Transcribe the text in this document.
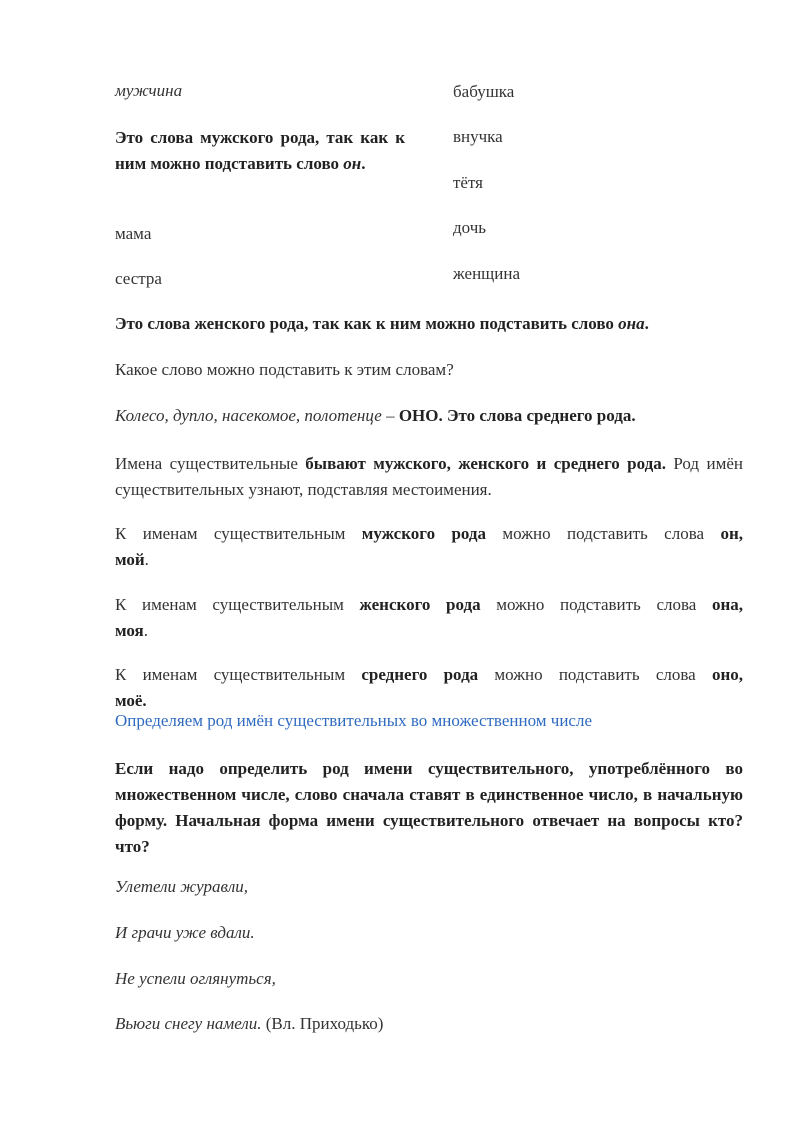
мужчина

Это слова мужского рода, так как к ним можно подставить слово он.

мама

сестра

бабушка

внучка

тётя

дочь

женщина

Это слова женского рода, так как к ним можно подставить слово она.

Какое слово можно подставить к этим словам?

Колесо, дупло, насекомое, полотенце – ОНО. Это слова среднего рода.

Имена существительные бывают мужского, женского и среднего рода. Род имён существительных узнают, подставляя местоимения.

К именам существительным мужского рода можно подставить слова он, мой.

К именам существительным женского рода можно подставить слова она, моя.

К именам существительным среднего рода можно подставить слова оно, моё.

Определяем род имён существительных во множественном числе

Если надо определить род имени существительного, употреблённого во множественном числе, слово сначала ставят в единственное число, в начальную форму. Начальная форма имени существительного отвечает на вопросы кто? что?

Улетели журавли,

И грачи уже вдали.

Не успели оглянуться,

Вьюги снегу намели. (Вл. Приходько)
